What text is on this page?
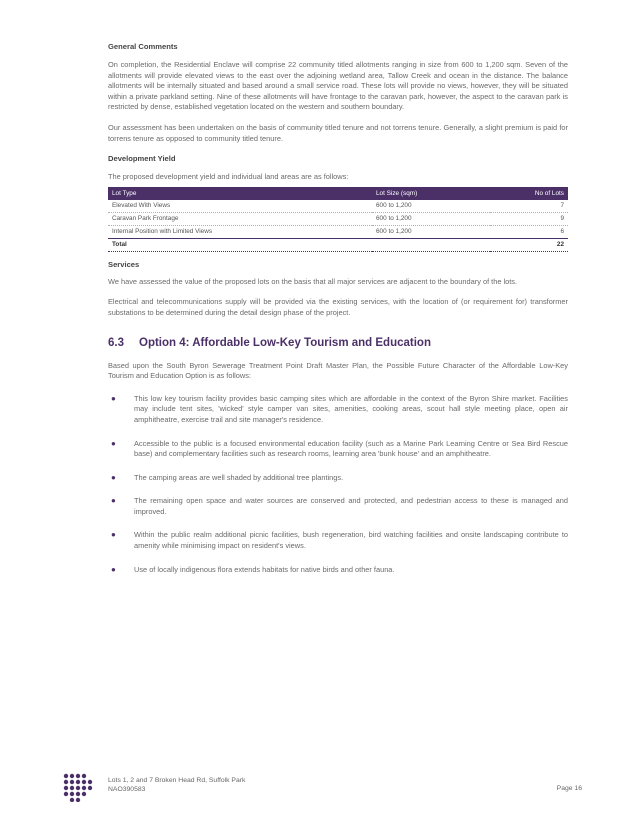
General Comments

On completion, the Residential Enclave will comprise 22 community titled allotments ranging in size from 600 to 1,200 sqm. Seven of the allotments will provide elevated views to the east over the adjoining wetland area, Tallow Creek and ocean in the distance. The balance allotments will be internally situated and based around a small service road. These lots will provide no views, however, they will be situated within a private parkland setting. Nine of these allotments will have frontage to the caravan park, however, the aspect to the caravan park is restricted by dense, established vegetation located on the western and southern boundary.

Our assessment has been undertaken on the basis of community titled tenure and not torrens tenure. Generally, a slight premium is paid for torrens tenure as opposed to community titled tenure.

Development Yield

The proposed development yield and individual land areas are as follows:

Lot Type	Lot Size (sqm)	No of Lots
Elevated With Views	600 to 1,200	7
Caravan Park Frontage	600 to 1,200	9
Internal Position with Limited Views	600 to 1,200	6
Total		22
Services

We have assessed the value of the proposed lots on the basis that all major services are adjacent to the boundary of the lots.

Electrical and telecommunications supply will be provided via the existing services, with the location of (or requirement for) transformer substations to be determined during the detail design phase of the project.

6.3	Option 4: Affordable Low-Key Tourism and Education

Based upon the South Byron Sewerage Treatment Point Draft Master Plan, the Possible Future Character of the Affordable Low-Key Tourism and Education Option is as follows:

● This low key tourism facility provides basic camping sites which are affordable in the context of the Byron Shire market. Facilities may include tent sites, 'wicked' style camper van sites, amenities, cooking areas, scout hall style meeting place, open air amphitheatre, exercise trail and site manager's residence.
● Accessible to the public is a focused environmental education facility (such as a Marine Park Learning Centre or Sea Bird Rescue base) and complementary facilities such as research rooms, learning area 'bunk house' and an amphitheatre.
● The camping areas are well shaded by additional tree plantings.
● The remaining open space and water sources are conserved and protected, and pedestrian access to these is managed and improved.
● Within the public realm additional picnic facilities, bush regeneration, bird watching facilities and onsite landscaping contribute to amenity while minimising impact on resident's views.
● Use of locally indigenous flora extends habitats for native birds and other fauna.
Lots 1, 2 and 7 Broken Head Rd, Suffolk Park
NAO390583	Page 16
